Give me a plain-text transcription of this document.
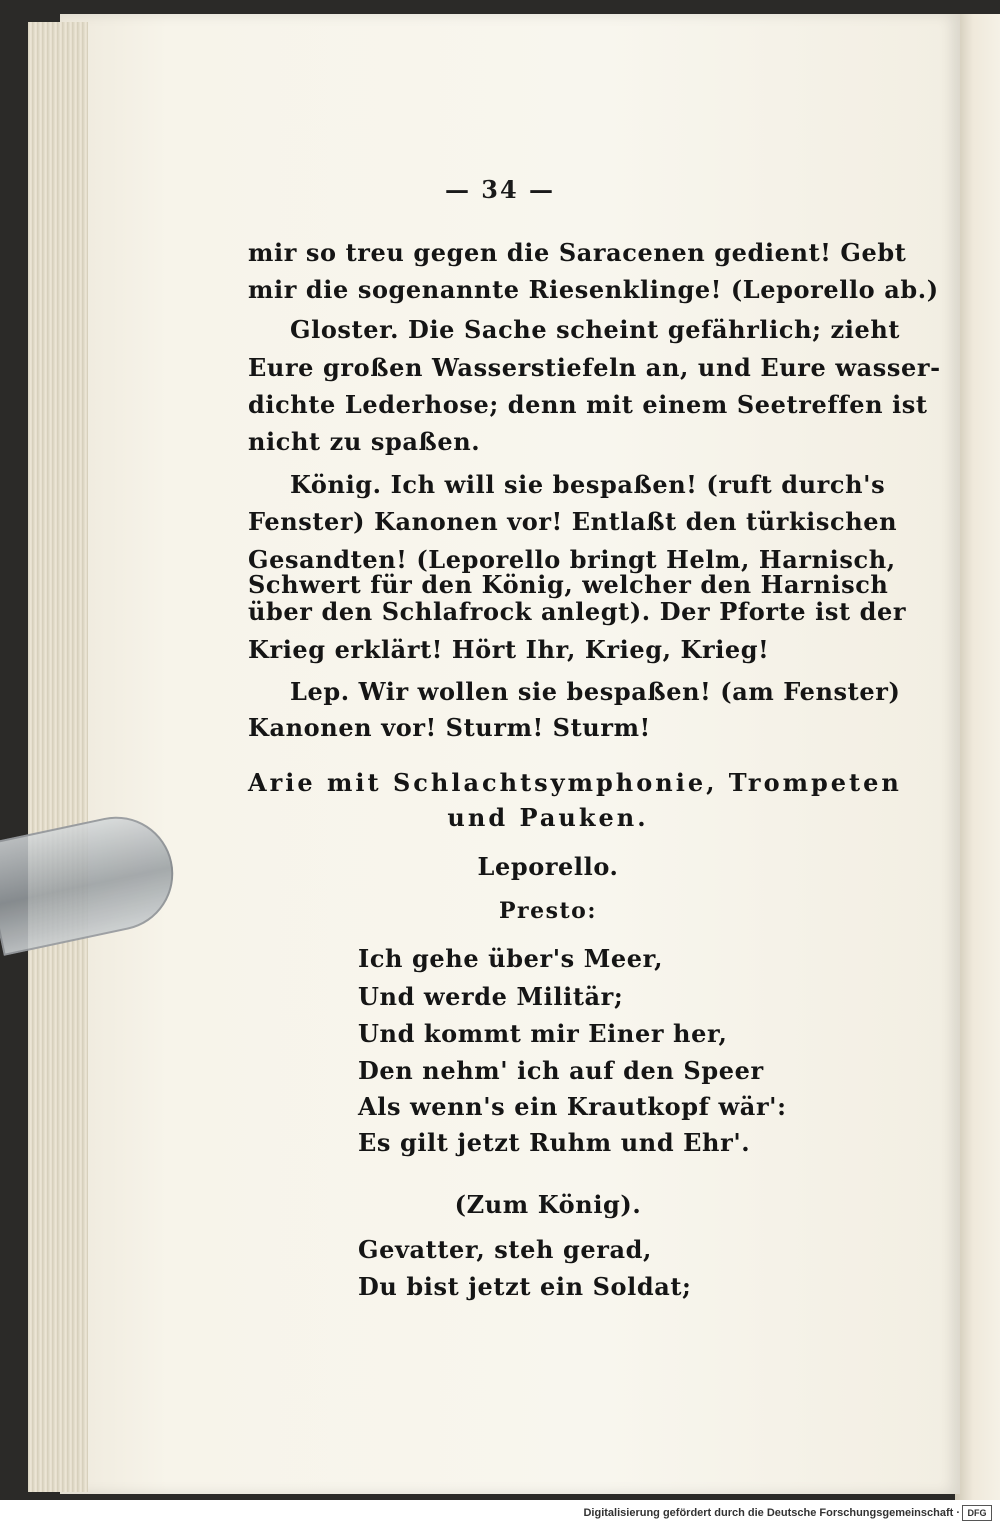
— 34 —
mir so treu gegen die Saracenen gedient! Gebt
mir die sogenannte Riesenklinge! (Leporello ab.)
Gloster. Die Sache scheint gefährlich; zieht
Eure großen Wasserstiefeln an, und Eure wasser-
dichte Lederhose; denn mit einem Seetreffen ist
nicht zu spaßen.
König. Ich will sie bespaßen! (ruft durch's
Fenster) Kanonen vor! Entlaßt den türkischen
Gesandten! (Leporello bringt Helm, Harnisch,
Schwert für den König, welcher den Harnisch
über den Schlafrock anlegt). Der Pforte ist der
Krieg erklärt! Hört Ihr, Krieg, Krieg!
Lep. Wir wollen sie bespaßen! (am Fenster)
Kanonen vor! Sturm! Sturm!
Arie mit Schlachtsymphonie, Trompeten
und Pauken.
Leporello.
Presto:
Ich gehe über's Meer,
Und werde Militär;
Und kommt mir Einer her,
Den nehm' ich auf den Speer
Als wenn's ein Krautkopf wär':
Es gilt jetzt Ruhm und Ehr'.
(Zum König).
Gevatter, steh gerad,
Du bist jetzt ein Soldat;
Digitalisierung gefördert durch die Deutsche Forschungsgemeinschaft · DFG
